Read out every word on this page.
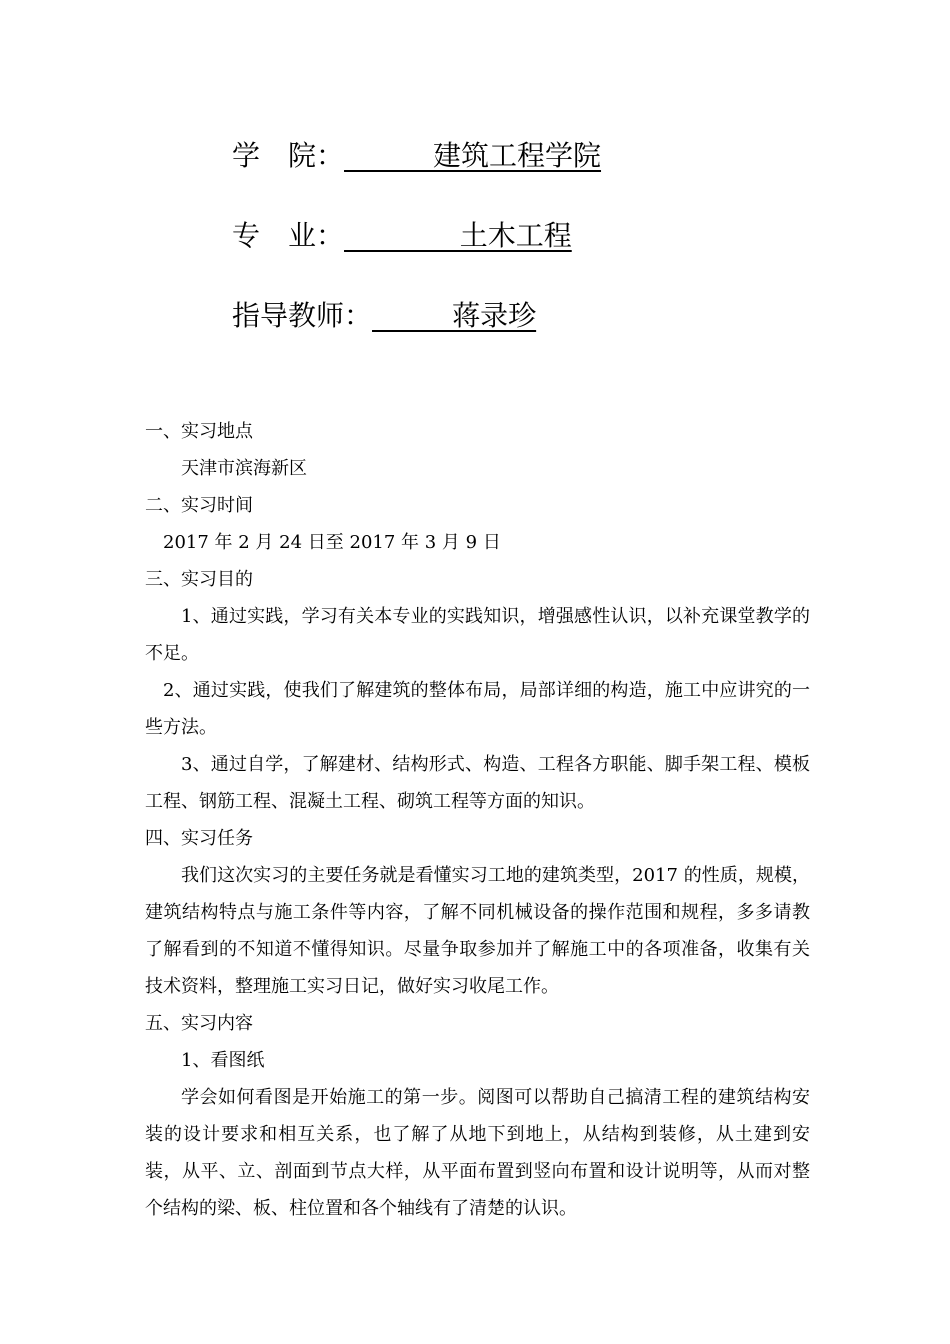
学　院： 建筑工程学院
专　业： 土木工程
指导教师： 蒋录珍
一、实习地点
天津市滨海新区
二、实习时间
2017 年 2 月 24 日至 2017 年 3 月 9 日
三、实习目的
1、通过实践，学习有关本专业的实践知识，增强感性认识，以补充课堂教学的不足。
2、通过实践，使我们了解建筑的整体布局，局部详细的构造，施工中应讲究的一些方法。
3、通过自学，了解建材、结构形式、构造、工程各方职能、脚手架工程、模板工程、钢筋工程、混凝土工程、砌筑工程等方面的知识。
四、实习任务
我们这次实习的主要任务就是看懂实习工地的建筑类型，2017 的性质，规模，建筑结构特点与施工条件等内容，了解不同机械设备的操作范围和规程，多多请教了解看到的不知道不懂得知识。尽量争取参加并了解施工中的各项准备，收集有关技术资料，整理施工实习日记，做好实习收尾工作。
五、实习内容
1、看图纸
学会如何看图是开始施工的第一步。阅图可以帮助自己搞清工程的建筑结构安装的设计要求和相互关系，也了解了从地下到地上，从结构到装修，从土建到安装，从平、立、剖面到节点大样，从平面布置到竖向布置和设计说明等，从而对整个结构的梁、板、柱位置和各个轴线有了清楚的认识。
